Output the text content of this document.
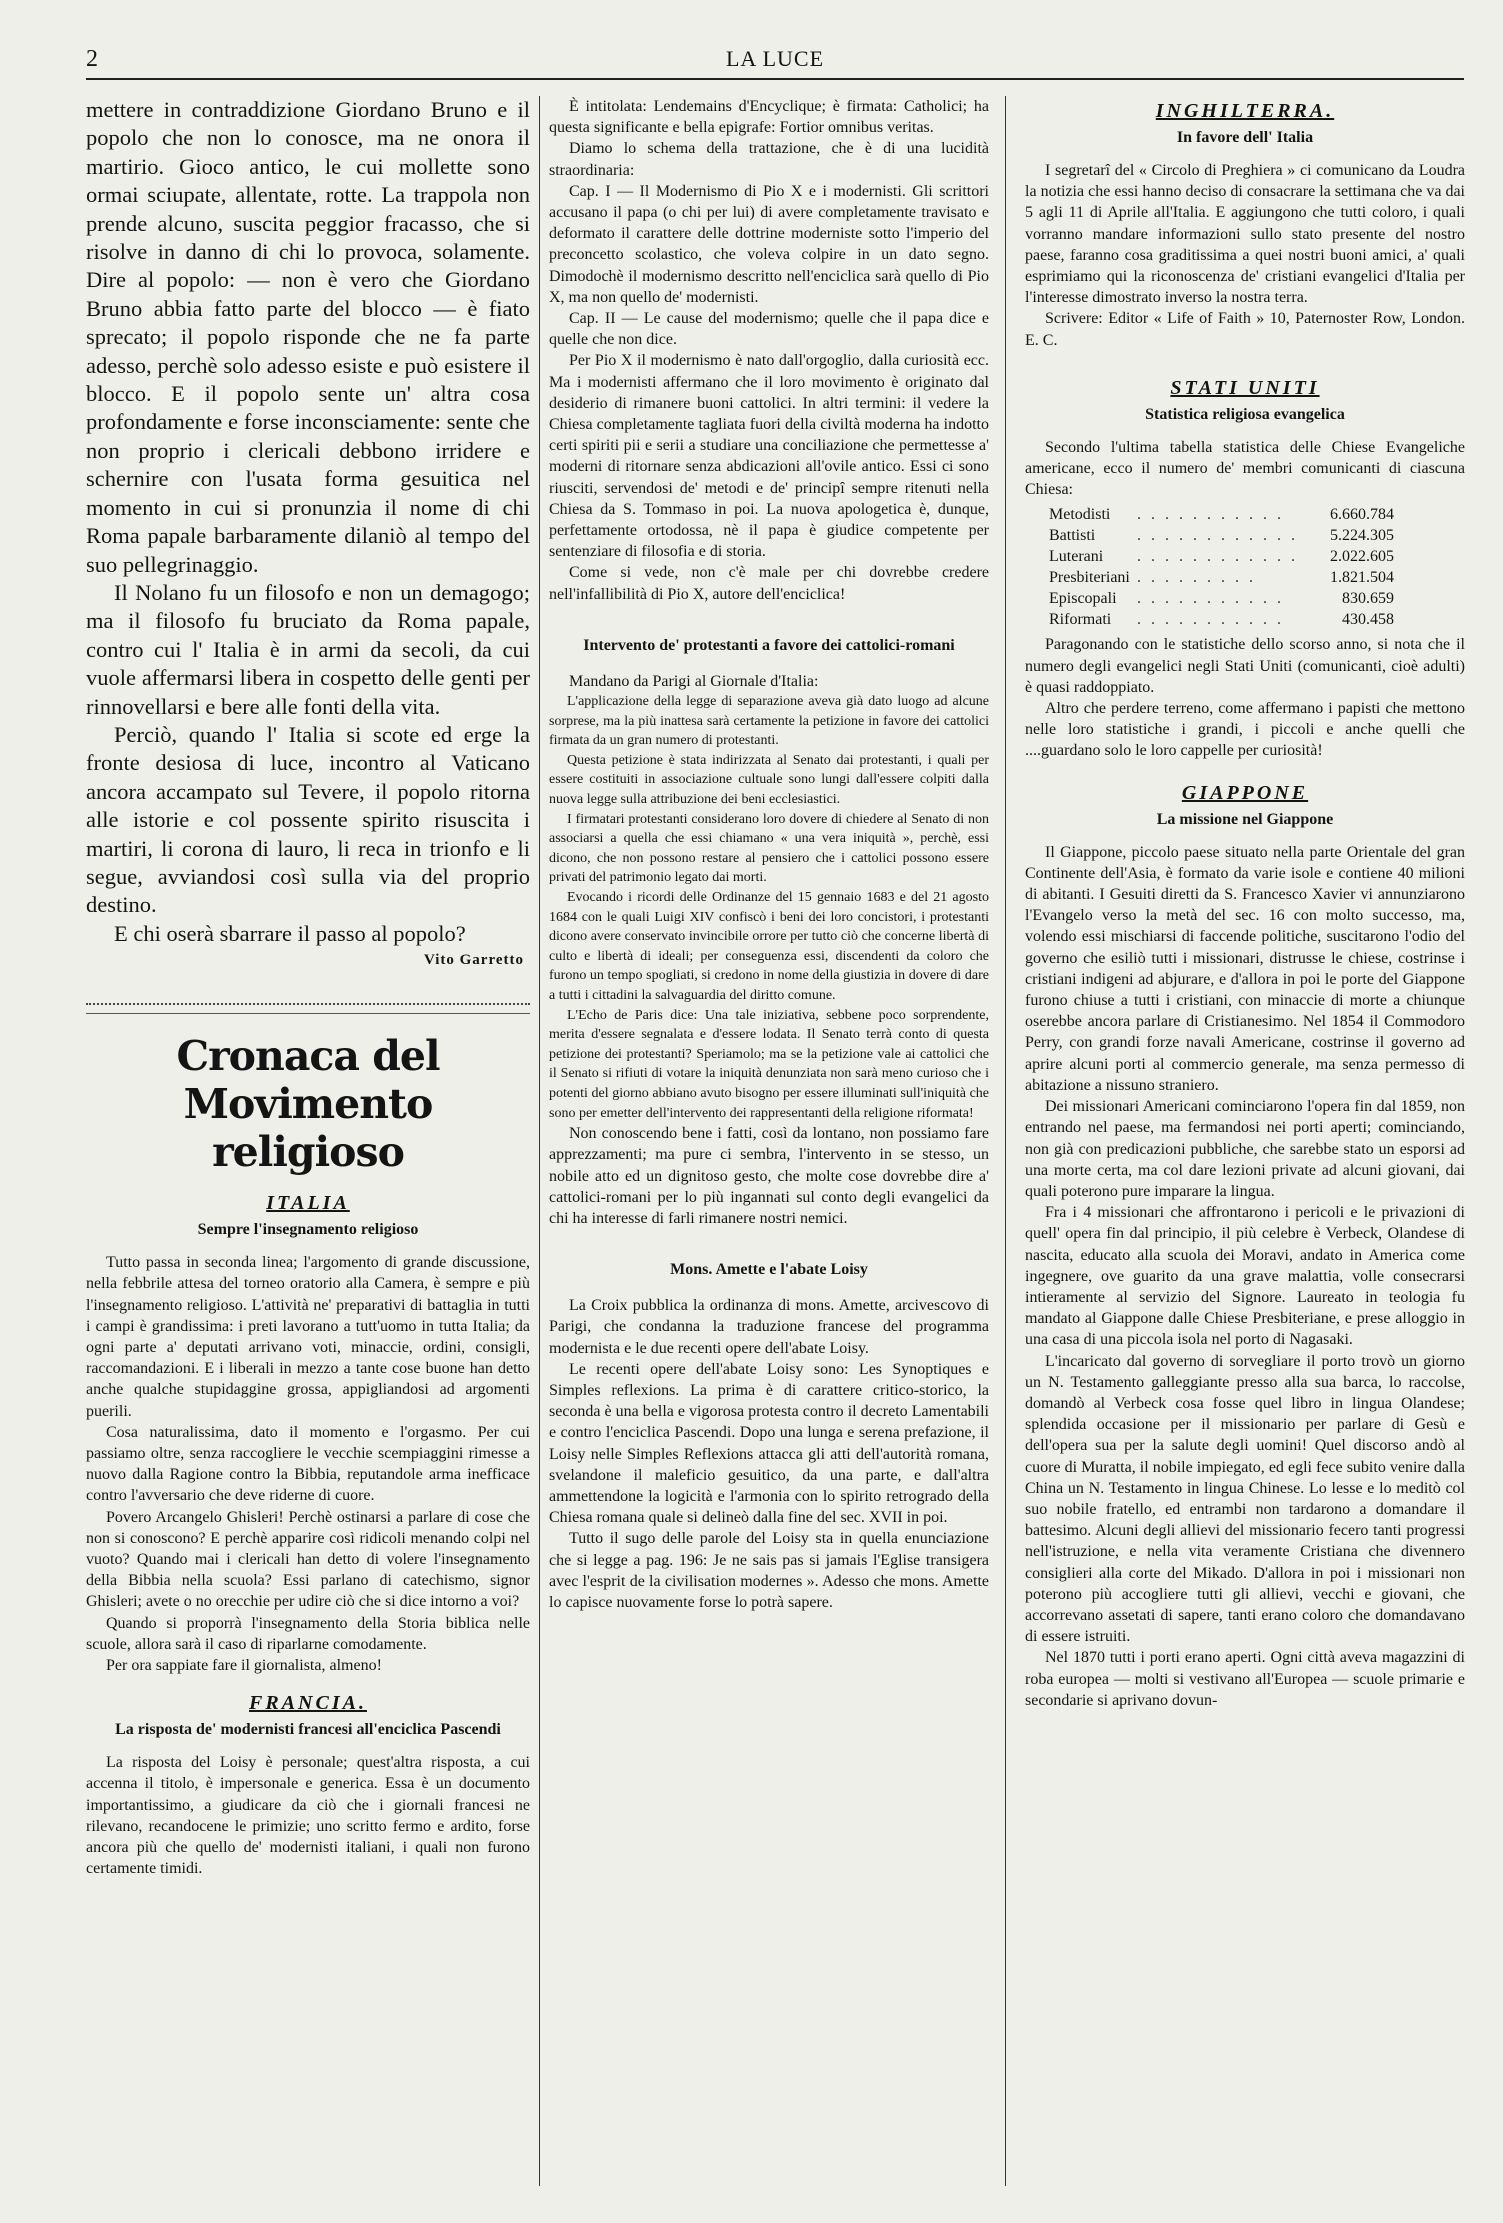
2	LA LUCE

mettere in contraddizione Giordano Bruno e il popolo che non lo conosce, ma ne onora il martirio. Gioco antico, le cui mollette sono ormai sciupate, allentate, rotte. La trappola non prende alcuno, suscita peggior fracasso, che si risolve in danno di chi lo provoca, solamente. Dire al popolo: — non è vero che Giordano Bruno abbia fatto parte del blocco — è fiato sprecato; il popolo risponde che ne fa parte adesso, perchè solo adesso esiste e può esistere il blocco. E il popolo sente un' altra cosa profondamente e forse inconsciamente: sente che non proprio i clericali debbono irridere e schernire con l'usata forma gesuitica nel momento in cui si pronunzia il nome di chi Roma papale barbaramente dilaniò al tempo del suo pellegrinaggio.

Il Nolano fu un filosofo e non un demagogo; ma il filosofo fu bruciato da Roma papale, contro cui l' Italia è in armi da secoli, da cui vuole affermarsi libera in cospetto delle genti per rinnovellarsi e bere alle fonti della vita.

Perciò, quando l' Italia si scote ed erge la fronte desiosa di luce, incontro al Vaticano ancora accampato sul Tevere, il popolo ritorna alle istorie e col possente spirito risuscita i martiri, li corona di lauro, li reca in trionfo e li segue, avviandosi così sulla via del proprio destino.

E chi oserà sbarrare il passo al popolo?

Vito Garretto
Cronaca del Movimento religioso
ITALIA
Sempre l'insegnamento religioso

Tutto passa in seconda linea; l'argomento di grande discussione, nella febbrile attesa del torneo oratorio alla Camera, è sempre e più l'insegnamento religioso. L'attività ne' preparativi di battaglia in tutti i campi è grandissima: i preti lavorano a tutt'uomo in tutta Italia; da ogni parte a' deputati arrivano voti, minaccie, ordini, consigli, raccomandazioni. E i liberali in mezzo a tante cose buone han detto anche qualche stupidaggine grossa, appigliandosi ad argomenti puerili.

Cosa naturalissima, dato il momento e l'orgasmo. Per cui passiamo oltre, senza raccogliere le vecchie scempiaggini rimesse a nuovo dalla Ragione contro la Bibbia, reputandole arma inefficace contro l'avversario che deve riderne di cuore.

Povero Arcangelo Ghisleri! Perchè ostinarsi a parlare di cose che non si conoscono? E perchè apparire così ridicoli menando colpi nel vuoto? Quando mai i clericali han detto di volere l'insegnamento della Bibbia nella scuola? Essi parlano di catechismo, signor Ghisleri; avete o no orecchie per udire ciò che si dice intorno a voi?

Quando si proporrà l'insegnamento della Storia biblica nelle scuole, allora sarà il caso di riparlarne comodamente.

Per ora sappiate fare il giornalista, almeno!

FRANCIA.
La risposta de' modernisti francesi all'enciclica Pascendi

La risposta del Loisy è personale; quest'altra risposta, a cui accenna il titolo, è impersonale e generica. Essa è un documento importantissimo, a giudicare da ciò che i giornali francesi ne rilevano, recandocene le primizie; uno scritto fermo e ardito, forse ancora più che quello de' modernisti italiani, i quali non furono certamente timidi.

È intitolata: Lendemains d'Encyclique; è firmata: Catholici; ha questa significante e bella epigrafe: Fortior omnibus veritas.

Diamo lo schema della trattazione, che è di una lucidità straordinaria:

Cap. I — Il Modernismo di Pio X e i modernisti. Gli scrittori accusano il papa (o chi per lui) di avere completamente travisato e deformato il carattere delle dottrine moderniste sotto l'imperio del preconcetto scolastico, che voleva colpire in un dato segno. Dimodochè il modernismo descritto nell'enciclica sarà quello di Pio X, ma non quello de' modernisti.

Cap. II — Le cause del modernismo; quelle che il papa dice e quelle che non dice.

Per Pio X il modernismo è nato dall'orgoglio, dalla curiosità ecc. Ma i modernisti affermano che il loro movimento è originato dal desiderio di rimanere buoni cattolici. In altri termini: il vedere la Chiesa completamente tagliata fuori della civiltà moderna ha indotto certi spiriti pii e serii a studiare una conciliazione che permettesse a' moderni di ritornare senza abdicazioni all'ovile antico. Essi ci sono riusciti, servendosi de' metodi e de' principî sempre ritenuti nella Chiesa da S. Tommaso in poi. La nuova apologetica è, dunque, perfettamente ortodossa, nè il papa è giudice competente per sentenziare di filosofia e di storia.

Come si vede, non c'è male per chi dovrebbe credere nell'infallibilità di Pio X, autore dell'enciclica!

Intervento de' protestanti a favore dei cattolici-romani

Mandano da Parigi al Giornale d'Italia:

L'applicazione della legge di separazione aveva già dato luogo ad alcune sorprese, ma la più inattesa sarà certamente la petizione in favore dei cattolici firmata da un gran numero di protestanti.

Questa petizione è stata indirizzata al Senato dai protestanti, i quali per essere costituiti in associazione cultuale sono lungi dall'essere colpiti dalla nuova legge sulla attribuzione dei beni ecclesiastici.

I firmatari protestanti considerano loro dovere di chiedere al Senato di non associarsi a quella che essi chiamano « una vera iniquità », perchè, essi dicono, che non possono restare al pensiero che i cattolici possono essere privati del patrimonio legato dai morti.

Evocando i ricordi delle Ordinanze del 15 gennaio 1683 e del 21 agosto 1684 con le quali Luigi XIV confiscò i beni dei loro concistori, i protestanti dicono avere conservato invincibile orrore per tutto ciò che concerne libertà di culto e libertà di ideali; per conseguenza essi, discendenti da coloro che furono un tempo spogliati, si credono in nome della giustizia in dovere di dare a tutti i cittadini la salvaguardia del diritto comune.

L'Echo de Paris dice: Una tale iniziativa, sebbene poco sorprendente, merita d'essere segnalata e d'essere lodata. Il Senato terrà conto di questa petizione dei protestanti? Speriamolo; ma se la petizione vale ai cattolici che il Senato si rifiuti di votare la iniquità denunziata non sarà meno curioso che i potenti del giorno abbiano avuto bisogno per essere illuminati sull'iniquità che sono per emetter dell'intervento dei rappresentanti della religione riformata!

Non conoscendo bene i fatti, così da lontano, non possiamo fare apprezzamenti; ma pure ci sembra, l'intervento in se stesso, un nobile atto ed un dignitoso gesto, che molte cose dovrebbe dire a' cattolici-romani per lo più ingannati sul conto degli evangelici da chi ha interesse di farli rimanere nostri nemici.

Mons. Amette e l'abate Loisy

La Croix pubblica la ordinanza di mons. Amette, arcivescovo di Parigi, che condanna la traduzione francese del programma modernista e le due recenti opere dell'abate Loisy.

Le recenti opere dell'abate Loisy sono: Les Synoptiques e Simples reflexions. La prima è di carattere critico-storico, la seconda è una bella e vigorosa protesta contro il decreto Lamentabili e contro l'enciclica Pascendi. Dopo una lunga e serena prefazione, il Loisy nelle Simples Reflexions attacca gli atti dell'autorità romana, svelandone il maleficio gesuitico, da una parte, e dall'altra ammettendone la logicità e l'armonia con lo spirito retrogrado della Chiesa romana quale si delineò dalla fine del sec. XVII in poi.

Tutto il sugo delle parole del Loisy sta in quella enunciazione che si legge a pag. 196: Je ne sais pas si jamais l'Eglise transigera avec l'esprit de la civilisation modernes ». Adesso che mons. Amette lo capisce nuovamente forse lo potrà sapere.

INGHILTERRA.
In favore dell' Italia

I segretarî del « Circolo di Preghiera » ci comunicano da Loudra la notizia che essi hanno deciso di consacrare la settimana che va dai 5 agli 11 di Aprile all'Italia. E aggiungono che tutti coloro, i quali vorranno mandare informazioni sullo stato presente del nostro paese, faranno cosa graditissima a quei nostri buoni amici, a' quali esprimiamo qui la riconoscenza de' cristiani evangelici d'Italia per l'interesse dimostrato inverso la nostra terra.

Scrivere: Editor « Life of Faith » 10, Paternoster Row, London. E. C.

STATI UNITI
Statistica religiosa evangelica

Secondo l'ultima tabella statistica delle Chiese Evangeliche americane, ecco il numero de' membri comunicanti di ciascuna Chiesa:

Metodisti	. . . . . . . . . . .	6.660.784
Battisti	. . . . . . . . . . . .	5.224.305
Luterani	. . . . . . . . . . . .	2.022.605
Presbiteriani	. . . . . . . . .	1.821.504
Episcopali	. . . . . . . . . . .	830.659
Riformati	. . . . . . . . . . .	430.458

Paragonando con le statistiche dello scorso anno, si nota che il numero degli evangelici negli Stati Uniti (comunicanti, cioè adulti) è quasi raddoppiato.

Altro che perdere terreno, come affermano i papisti che mettono nelle loro statistiche i grandi, i piccoli e anche quelli che ....guardano solo le loro cappelle per curiosità!

GIAPPONE
La missione nel Giappone

Il Giappone, piccolo paese situato nella parte Orientale del gran Continente dell'Asia, è formato da varie isole e contiene 40 milioni di abitanti. I Gesuiti diretti da S. Francesco Xavier vi annunziarono l'Evangelo verso la metà del sec. 16 con molto successo, ma, volendo essi mischiarsi di faccende politiche, suscitarono l'odio del governo che esiliò tutti i missionari, distrusse le chiese, costrinse i cristiani indigeni ad abjurare, e d'allora in poi le porte del Giappone furono chiuse a tutti i cristiani, con minaccie di morte a chiunque oserebbe ancora parlare di Cristianesimo. Nel 1854 il Commodoro Perry, con grandi forze navali Americane, costrinse il governo ad aprire alcuni porti al commercio generale, ma senza permesso di abitazione a nissuno straniero.

Dei missionari Americani cominciarono l'opera fin dal 1859, non entrando nel paese, ma fermandosi nei porti aperti; cominciando, non già con predicazioni pubbliche, che sarebbe stato un esporsi ad una morte certa, ma col dare lezioni private ad alcuni giovani, dai quali poterono pure imparare la lingua.

Fra i 4 missionari che affrontarono i pericoli e le privazioni di quell' opera fin dal principio, il più celebre è Verbeck, Olandese di nascita, educato alla scuola dei Moravi, andato in America come ingegnere, ove guarito da una grave malattia, volle consecrarsi intieramente al servizio del Signore. Laureato in teologia fu mandato al Giappone dalle Chiese Presbiteriane, e prese alloggio in una casa di una piccola isola nel porto di Nagasaki.

L'incaricato dal governo di sorvegliare il porto trovò un giorno un N. Testamento galleggiante presso alla sua barca, lo raccolse, domandò al Verbeck cosa fosse quel libro in lingua Olandese; splendida occasione per il missionario per parlare di Gesù e dell'opera sua per la salute degli uomini! Quel discorso andò al cuore di Muratta, il nobile impiegato, ed egli fece subito venire dalla China un N. Testamento in lingua Chinese. Lo lesse e lo meditò col suo nobile fratello, ed entrambi non tardarono a domandare il battesimo. Alcuni degli allievi del missionario fecero tanti progressi nell'istruzione, e nella vita veramente Cristiana che divennero consiglieri alla corte del Mikado. D'allora in poi i missionari non poterono più accogliere tutti gli allievi, vecchi e giovani, che accorrevano assetati di sapere, tanti erano coloro che domandavano di essere istruiti.

Nel 1870 tutti i porti erano aperti. Ogni città aveva magazzini di roba europea — molti si vestivano all'Europea — scuole primarie e secondarie si aprivano dovun-
